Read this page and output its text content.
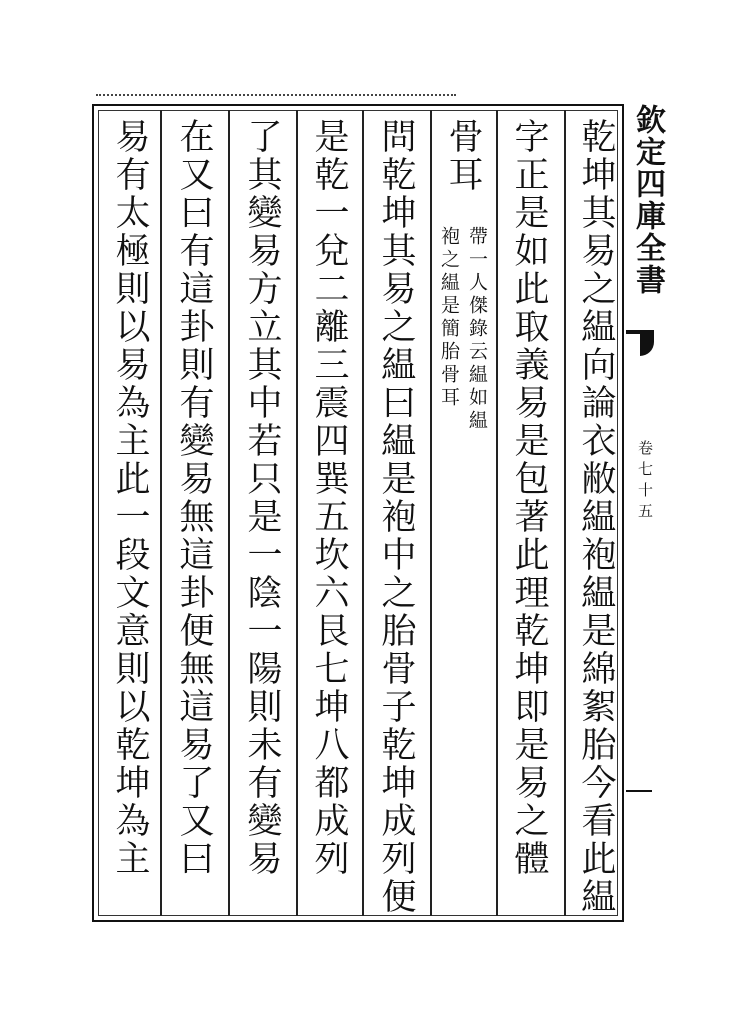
欽定四庫全書
卷七十五
乾坤其易之緼向論衣敝緼袍緼是綿絮胎今看此緼
字正是如此取義易是包著此理乾坤即是易之體
骨耳
帶一人傑錄云緼如緼
袍之緼是簡胎骨耳
問乾坤其易之緼曰緼是袍中之胎骨子乾坤成列便
是乾一兌二離三震四巽五坎六艮七坤八都成列
了其變易方立其中若只是一陰一陽則未有變易
在又曰有這卦則有變易無這卦便無這易了又曰
易有太極則以易為主此一段文意則以乾坤為主
